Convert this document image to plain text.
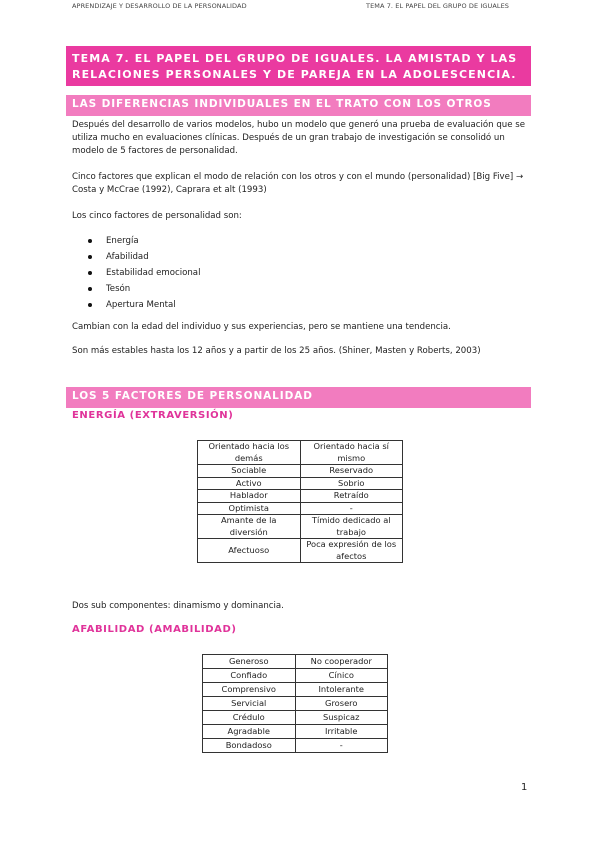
APRENDIZAJE Y DESARROLLO DE LA PERSONALIDAD	TEMA 7. EL PAPEL DEL GRUPO DE IGUALES
TEMA 7. EL PAPEL DEL GRUPO DE IGUALES. LA AMISTAD Y LAS RELACIONES PERSONALES Y DE PAREJA EN LA ADOLESCENCIA.
LAS DIFERENCIAS INDIVIDUALES EN EL TRATO CON LOS OTROS
Después del desarrollo de varios modelos, hubo un modelo que generó una prueba de evaluación que se utiliza mucho en evaluaciones clínicas. Después de un gran trabajo de investigación se consolidó un modelo de 5 factores de personalidad.
Cinco factores que explican el modo de relación con los otros y con el mundo (personalidad) [Big Five] → Costa y McCrae (1992), Caprara et alt (1993)
Los cinco factores de personalidad son:
Energía
Afabilidad
Estabilidad emocional
Tesón
Apertura Mental
Cambian con la edad del individuo y sus experiencias, pero se mantiene una tendencia.
Son más estables hasta los 12 años y a partir de los 25 años. (Shiner, Masten y Roberts, 2003)
LOS 5 FACTORES DE PERSONALIDAD
ENERGÍA (EXTRAVERSIÓN)
Orientado hacia los demás	Orientado hacia sí mismo
Sociable	Reservado
Activo	Sobrio
Hablador	Retraído
Optimista	-
Amante de la diversión	Tímido dedicado al trabajo
Afectuoso	Poca expresión de los afectos
Dos sub componentes: dinamismo y dominancia.
AFABILIDAD (AMABILIDAD)
Generoso	No cooperador
Confiado	Cínico
Comprensivo	Intolerante
Servicial	Grosero
Crédulo	Suspicaz
Agradable	Irritable
Bondadoso	-
1
